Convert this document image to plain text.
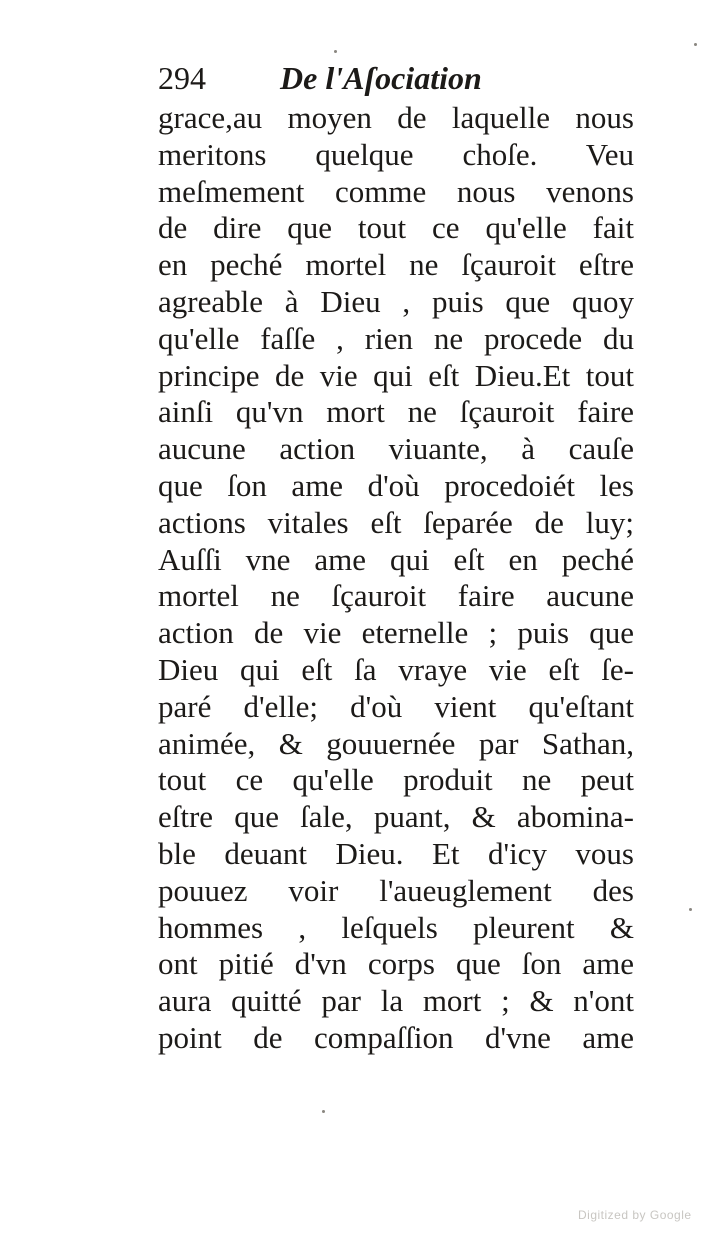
294 De l'Aſociation
grace,au moyen de laquelle nous
meritons quelque choſe. Veu
meſmement comme nous venons
de dire que tout ce qu'elle fait
en peché mortel ne ſçauroit eſtre
agreable à Dieu , puis que quoy
qu'elle faſſe , rien ne procede du
principe de vie qui eſt Dieu.Et tout
ainſi qu'vn mort ne ſçauroit faire
aucune action viuante, à cauſe
que ſon ame d'où procedoiét les
actions vitales eſt ſeparée de luy;
Auſſi vne ame qui eſt en peché
mortel ne ſçauroit faire aucune
action de vie eternelle ; puis que
Dieu qui eſt ſa vraye vie eſt ſe-
paré d'elle; d'où vient qu'eſtant
animée, & gouuernée par Sathan,
tout ce qu'elle produit ne peut
eſtre que ſale, puant, & abomina-
ble deuant Dieu. Et d'icy vous
pouuez voir l'aueuglement des
hommes , leſquels pleurent &
ont pitié d'vn corps que ſon ame
aura quitté par la mort ; & n'ont
point de compaſſion d'vne ame
Digitized by Google
